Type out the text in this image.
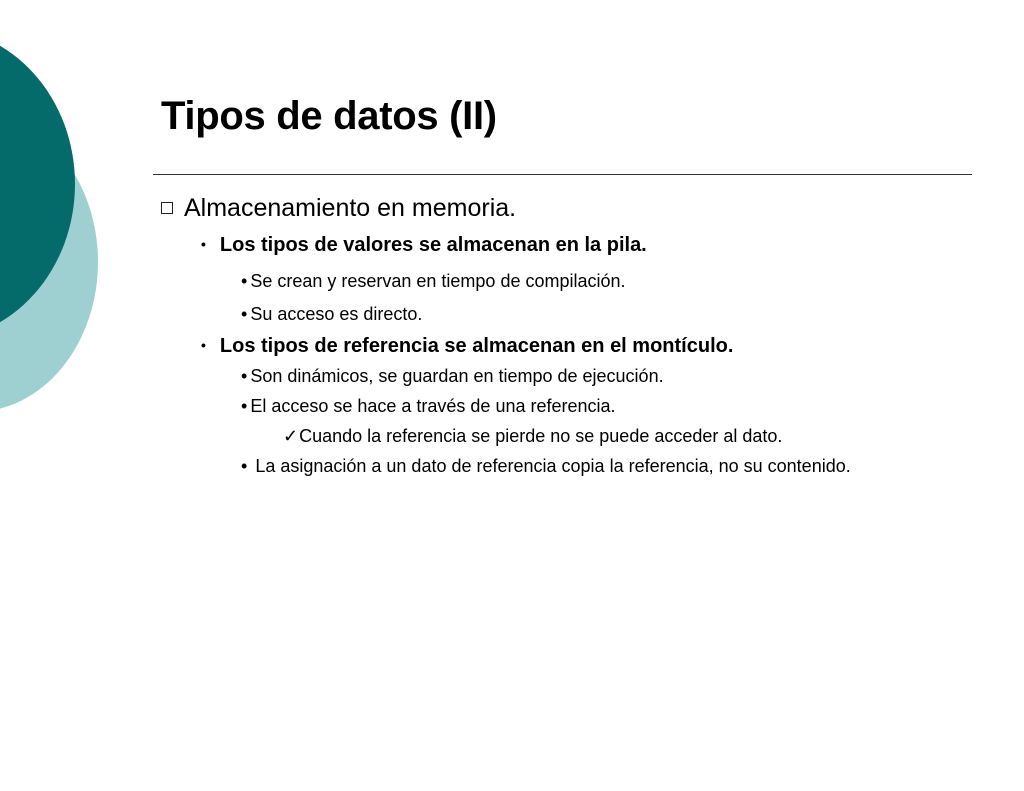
Tipos de datos (II)
Almacenamiento en memoria.
• Los tipos de valores se almacenan en la pila.
• Se crean y reservan en tiempo de compilación.
• Su acceso es directo.
• Los tipos de referencia se almacenan en el montículo.
• Son dinámicos, se guardan en tiempo de ejecución.
• El acceso se hace a través de una referencia.
✓Cuando la referencia se pierde no se puede acceder al dato.
• La asignación a un dato de referencia copia la referencia, no su contenido.
